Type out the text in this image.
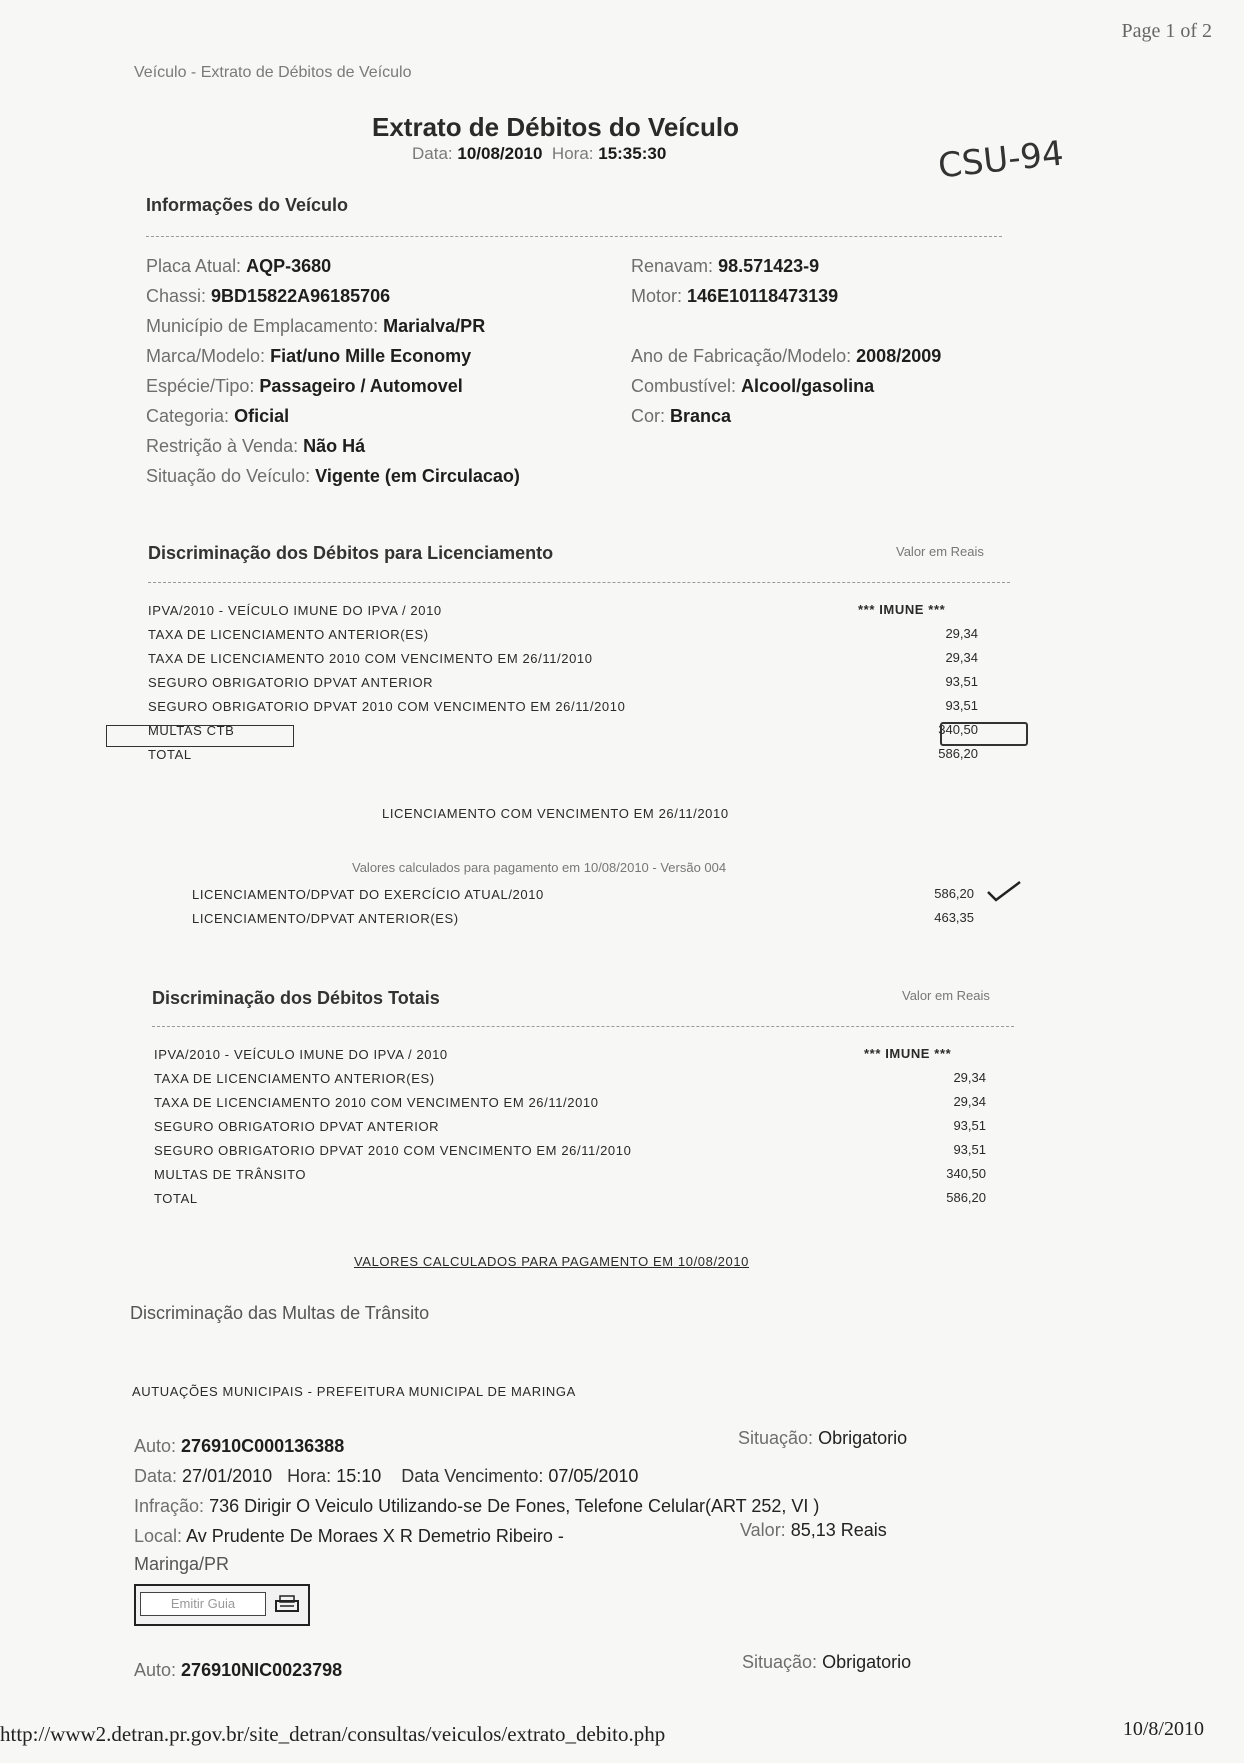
Page 1 of 2
Veículo - Extrato de Débitos de Veículo
Extrato de Débitos do Veículo
Data: 10/08/2010 Hora: 15:35:30	CSU-94
Informações do Veículo
Placa Atual: AQP-3680
Chassi: 9BD15822A96185706
Município de Emplacamento: Marialva/PR
Marca/Modelo: Fiat/uno Mille Economy
Espécie/Tipo: Passageiro / Automovel
Categoria: Oficial
Restrição à Venda: Não Há
Situação do Veículo: Vigente (em Circulacao)
Renavam: 98.571423-9
Motor: 146E10118473139
Ano de Fabricação/Modelo: 2008/2009
Combustível: Alcool/gasolina
Cor: Branca
Discriminação dos Débitos para Licenciamento	Valor em Reais
IPVA/2010 - VEÍCULO IMUNE DO IPVA / 2010	*** IMUNE ***
TAXA DE LICENCIAMENTO ANTERIOR(ES)	29,34
TAXA DE LICENCIAMENTO 2010 COM VENCIMENTO EM 26/11/2010	29,34
SEGURO OBRIGATORIO DPVAT ANTERIOR	93,51
SEGURO OBRIGATORIO DPVAT 2010 COM VENCIMENTO EM 26/11/2010	93,51
MULTAS CTB	340,50
TOTAL	586,20
LICENCIAMENTO COM VENCIMENTO EM 26/11/2010
Valores calculados para pagamento em 10/08/2010 - Versão 004
LICENCIAMENTO/DPVAT DO EXERCÍCIO ATUAL/2010	586,20
LICENCIAMENTO/DPVAT ANTERIOR(ES)	463,35
Discriminação dos Débitos Totais	Valor em Reais
IPVA/2010 - VEÍCULO IMUNE DO IPVA / 2010	*** IMUNE ***
TAXA DE LICENCIAMENTO ANTERIOR(ES)	29,34
TAXA DE LICENCIAMENTO 2010 COM VENCIMENTO EM 26/11/2010	29,34
SEGURO OBRIGATORIO DPVAT ANTERIOR	93,51
SEGURO OBRIGATORIO DPVAT 2010 COM VENCIMENTO EM 26/11/2010	93,51
MULTAS DE TRÂNSITO	340,50
TOTAL	586,20
VALORES CALCULADOS PARA PAGAMENTO EM 10/08/2010
Discriminação das Multas de Trânsito
AUTUAÇÕES MUNICIPAIS - PREFEITURA MUNICIPAL DE MARINGA
Auto: 276910C000136388	Situação: Obrigatorio
Data: 27/01/2010 Hora: 15:10 Data Vencimento: 07/05/2010
Infração: 736 Dirigir O Veiculo Utilizando-se De Fones, Telefone Celular(ART 252, VI )
Local: Av Prudente De Moraes X R Demetrio Ribeiro -
Maringa/PR
Valor: 85,13 Reais
Emitir Guia
Auto: 276910NIC0023798	Situação: Obrigatorio
http://www2.detran.pr.gov.br/site_detran/consultas/veiculos/extrato_debito.php	10/8/2010
